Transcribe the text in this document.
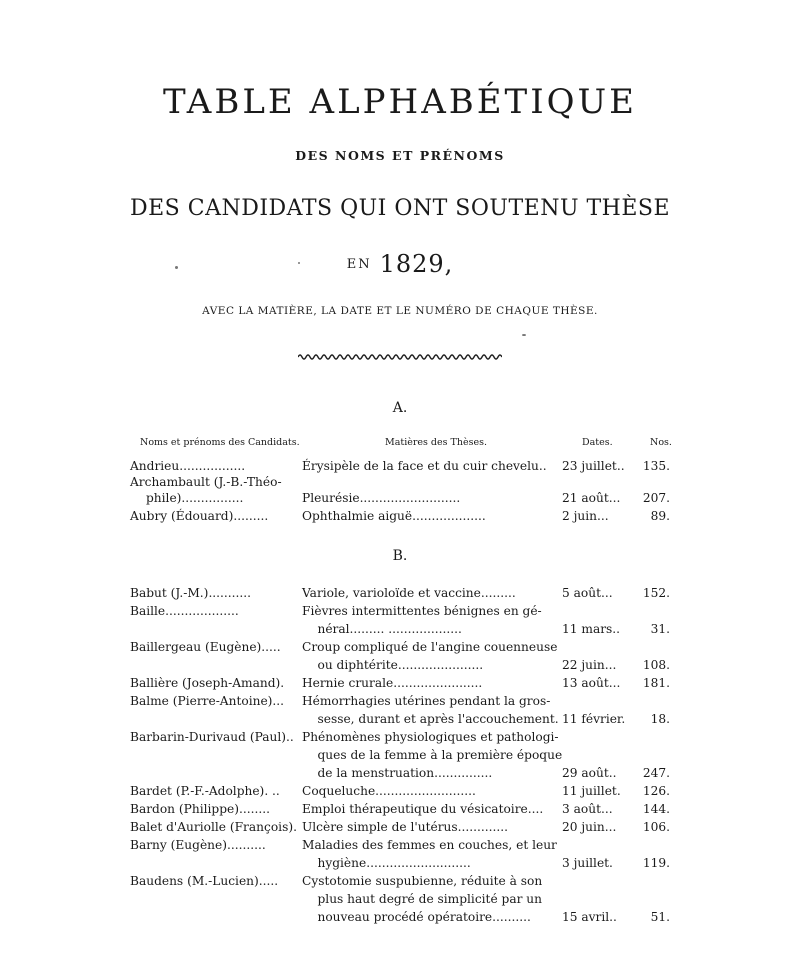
TABLE ALPHABÉTIQUE
DES NOMS ET PRÉNOMS
DES CANDIDATS QUI ONT SOUTENU THÈSE
EN 1829,
AVEC LA MATIÈRE, LA DATE ET LE NUMÉRO DE CHAQUE THÈSE.
A.
Noms et prénoms des Candidats.	Matières des Thèses.	Dates.	Nos.
Andrieu.................	Érysipèle de la face et du cuir chevelu.. 23 juillet.. 135.
Archambault (J.-B.-Théo-
phile)................	Pleurésie..........................	21 août... 207.
Aubry (Édouard).........	Ophthalmie aiguë...................	2 juin...	89.
B.
Babut (J.-M.)...........	Variole, varioloïde et vaccine.........	5 août... 152.
Baille...................	Fièvres intermittentes bénignes en gé-
néral......... ...................	11 mars..	31.
Baillergeau (Eugène)..... Croup compliqué de l'angine couenneuse
ou diphtérite......................	22 juin... 108.
Ballière (Joseph-Amand). Hernie crurale.......................	13 août... 181.
Balme (Pierre-Antoine)... Hémorrhagies utérines pendant la gros-
sesse, durant et après l'accouchement. 11 février. 18.
Barbarin-Durivaud (Paul).. Phénomènes physiologiques et pathologi-
ques de la femme à la première époque
de la menstruation...............	29 août.. 247.
Bardet (P.-F.-Adolphe). .. Coqueluche..........................	11 juillet. 126.
Bardon (Philippe)........	Emploi thérapeutique du vésicatoire.... 3 août... 144.
Balet d'Auriolle (François). Ulcère simple de l'utérus.............	20 juin... 106.
Barny (Eugène)..........	Maladies des femmes en couches, et leur
hygiène...........................	3 juillet. 119.
Baudens (M.-Lucien)..... Cystotomie suspubienne, réduite à son
plus haut degré de simplicité par un
nouveau procédé opératoire..........	15 avril..	51.
